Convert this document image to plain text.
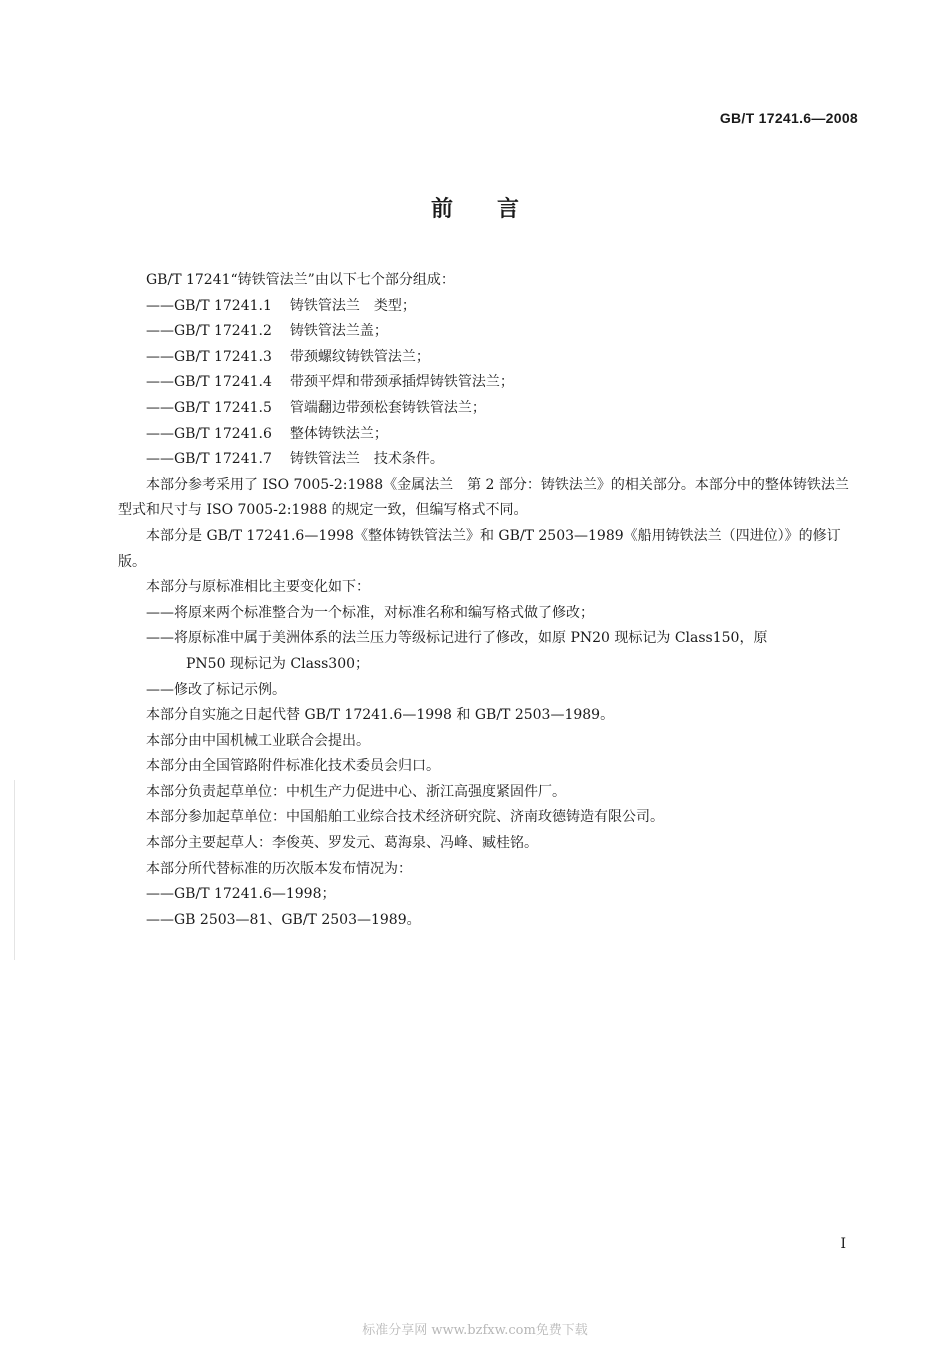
GB/T 17241.6—2008
前言

GB/T 17241“铸铁管法兰”由以下七个部分组成：

——GB/T 17241.1 铸铁管法兰　类型；

——GB/T 17241.2 铸铁管法兰盖；

——GB/T 17241.3 带颈螺纹铸铁管法兰；

——GB/T 17241.4 带颈平焊和带颈承插焊铸铁管法兰；

——GB/T 17241.5 管端翻边带颈松套铸铁管法兰；

——GB/T 17241.6 整体铸铁法兰；

——GB/T 17241.7 铸铁管法兰　技术条件。

本部分参考采用了 ISO 7005-2:1988《金属法兰　第 2 部分：铸铁法兰》的相关部分。本部分中的整体铸铁法兰型式和尺寸与 ISO 7005-2:1988 的规定一致，但编写格式不同。

本部分是 GB/T 17241.6—1998《整体铸铁管法兰》和 GB/T 2503—1989《船用铸铁法兰（四进位）》的修订版。

本部分与原标准相比主要变化如下：

——将原来两个标准整合为一个标准，对标准名称和编写格式做了修改；

——将原标准中属于美洲体系的法兰压力等级标记进行了修改，如原 PN20 现标记为 Class150，原

PN50 现标记为 Class300；

——修改了标记示例。

本部分自实施之日起代替 GB/T 17241.6—1998 和 GB/T 2503—1989。

本部分由中国机械工业联合会提出。

本部分由全国管路附件标准化技术委员会归口。

本部分负责起草单位：中机生产力促进中心、浙江高强度紧固件厂。

本部分参加起草单位：中国船舶工业综合技术经济研究院、济南玫德铸造有限公司。

本部分主要起草人：李俊英、罗发元、葛海泉、冯峰、臧桂铭。

本部分所代替标准的历次版本发布情况为：

——GB/T 17241.6—1998；

——GB 2503—81、GB/T 2503—1989。

I
标准分享网 www.bzfxw.com免费下载
